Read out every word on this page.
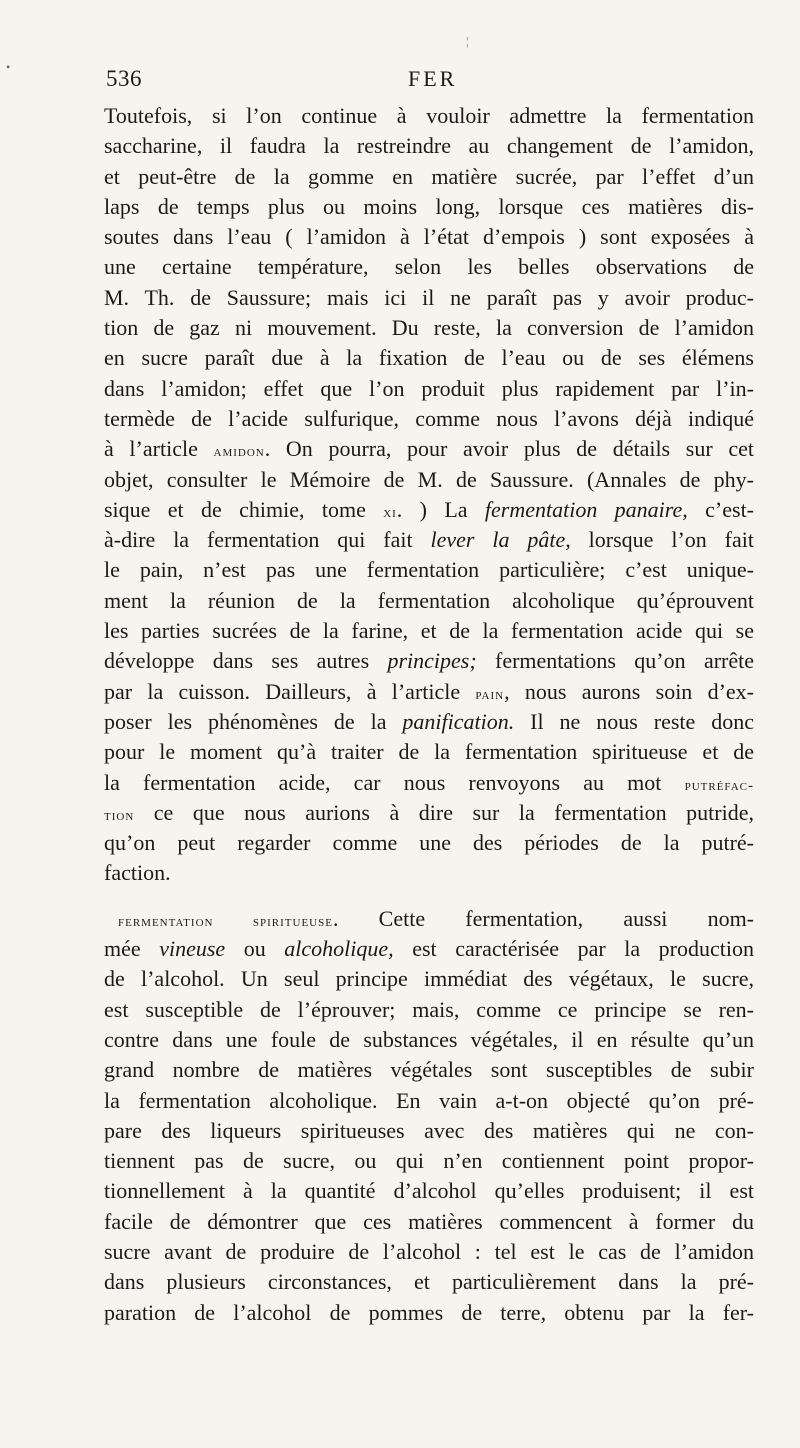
•
¦
536	FER
Toutefois, si l’on continue à vouloir admettre la fermentation
saccharine, il faudra la restreindre au changement de l’amidon,
et peut-être de la gomme en matière sucrée, par l’effet d’un
laps de temps plus ou moins long, lorsque ces matières dis-
soutes dans l’eau ( l’amidon à l’état d’empois ) sont exposées à
une certaine température, selon les belles observations de
M. Th. de Saussure; mais ici il ne paraît pas y avoir produc-
tion de gaz ni mouvement. Du reste, la conversion de l’amidon
en sucre paraît due à la fixation de l’eau ou de ses élémens
dans l’amidon; effet que l’on produit plus rapidement par l’in-
termède de l’acide sulfurique, comme nous l’avons déjà indiqué
à l’article amidon. On pourra, pour avoir plus de détails sur cet
objet, consulter le Mémoire de M. de Saussure. (Annales de phy-
sique et de chimie, tome xi. ) La fermentation panaire, c’est-
à-dire la fermentation qui fait lever la pâte, lorsque l’on fait
le pain, n’est pas une fermentation particulière; c’est unique-
ment la réunion de la fermentation alcoholique qu’éprouvent
les parties sucrées de la farine, et de la fermentation acide qui se
développe dans ses autres principes; fermentations qu’on arrête
par la cuisson. Dailleurs, à l’article pain, nous aurons soin d’ex-
poser les phénomènes de la panification. Il ne nous reste donc
pour le moment qu’à traiter de la fermentation spiritueuse et de
la fermentation acide, car nous renvoyons au mot putréfac-
tion ce que nous aurions à dire sur la fermentation putride,
qu’on peut regarder comme une des périodes de la putré-
faction.
fermentation spiritueuse. Cette fermentation, aussi nom-
mée vineuse ou alcoholique, est caractérisée par la production
de l’alcohol. Un seul principe immédiat des végétaux, le sucre,
est susceptible de l’éprouver; mais, comme ce principe se ren-
contre dans une foule de substances végétales, il en résulte qu’un
grand nombre de matières végétales sont susceptibles de subir
la fermentation alcoholique. En vain a-t-on objecté qu’on pré-
pare des liqueurs spiritueuses avec des matières qui ne con-
tiennent pas de sucre, ou qui n’en contiennent point propor-
tionnellement à la quantité d’alcohol qu’elles produisent; il est
facile de démontrer que ces matières commencent à former du
sucre avant de produire de l’alcohol : tel est le cas de l’amidon
dans plusieurs circonstances, et particulièrement dans la pré-
paration de l’alcohol de pommes de terre, obtenu par la fer-
